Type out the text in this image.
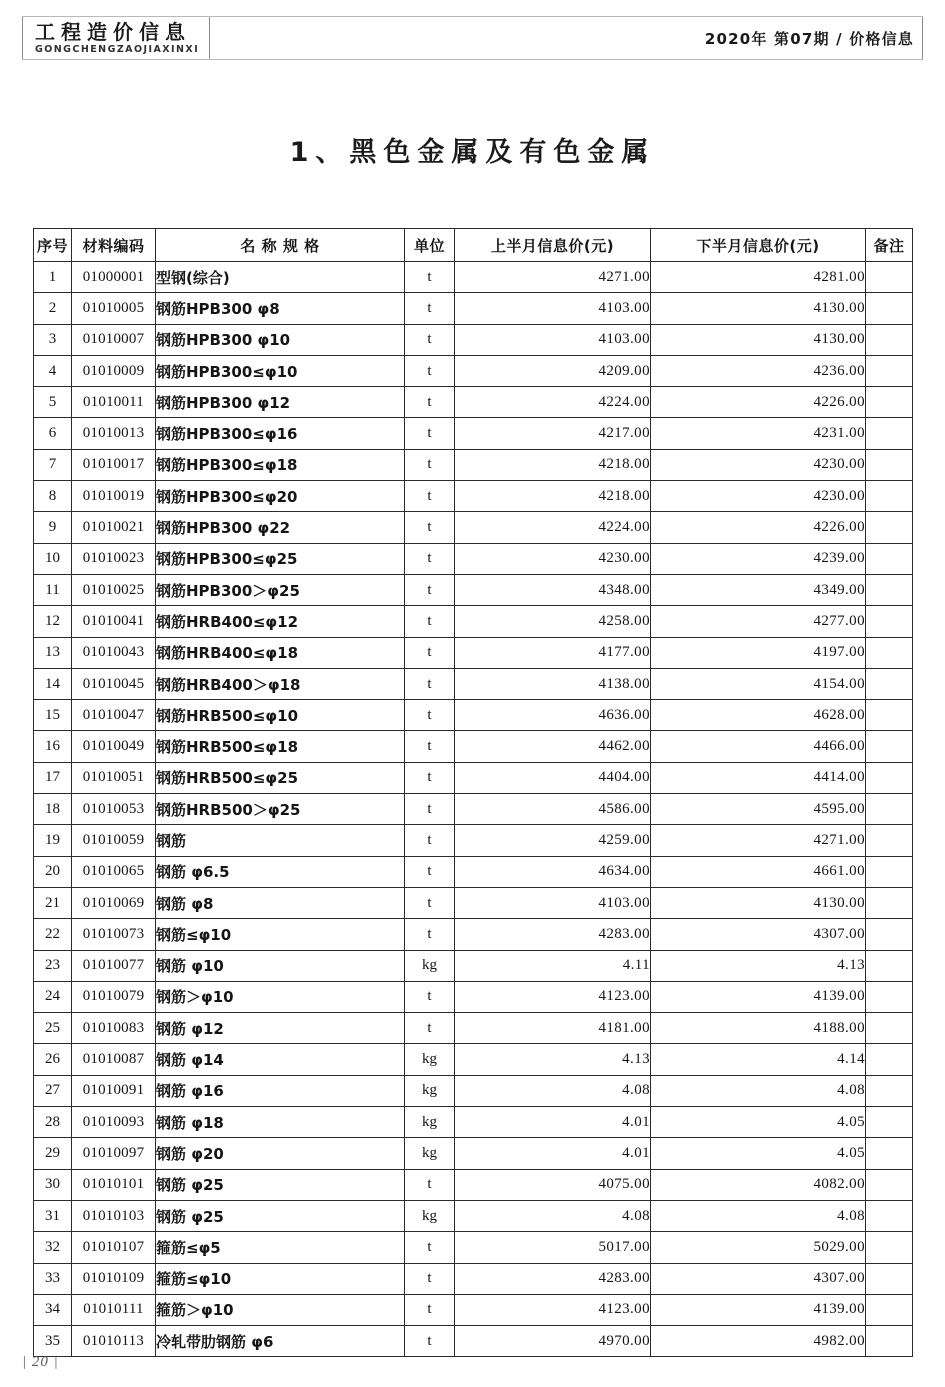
工程造价信息
GONGCHENGZAOJIAXINXI
2020年 第07期 / 价格信息
1、黑色金属及有色金属
序号	材料编码	名 称 规 格	单位	上半月信息价(元)	下半月信息价(元)	备注
1	01000001	型钢(综合)	t	4271.00	4281.00	
2	01010005	钢筋HPB300 φ8	t	4103.00	4130.00	
3	01010007	钢筋HPB300 φ10	t	4103.00	4130.00	
4	01010009	钢筋HPB300≤φ10	t	4209.00	4236.00	
5	01010011	钢筋HPB300 φ12	t	4224.00	4226.00	
6	01010013	钢筋HPB300≤φ16	t	4217.00	4231.00	
7	01010017	钢筋HPB300≤φ18	t	4218.00	4230.00	
8	01010019	钢筋HPB300≤φ20	t	4218.00	4230.00	
9	01010021	钢筋HPB300 φ22	t	4224.00	4226.00	
10	01010023	钢筋HPB300≤φ25	t	4230.00	4239.00	
11	01010025	钢筋HPB300＞φ25	t	4348.00	4349.00	
12	01010041	钢筋HRB400≤φ12	t	4258.00	4277.00	
13	01010043	钢筋HRB400≤φ18	t	4177.00	4197.00	
14	01010045	钢筋HRB400＞φ18	t	4138.00	4154.00	
15	01010047	钢筋HRB500≤φ10	t	4636.00	4628.00	
16	01010049	钢筋HRB500≤φ18	t	4462.00	4466.00	
17	01010051	钢筋HRB500≤φ25	t	4404.00	4414.00	
18	01010053	钢筋HRB500＞φ25	t	4586.00	4595.00	
19	01010059	钢筋	t	4259.00	4271.00	
20	01010065	钢筋 φ6.5	t	4634.00	4661.00	
21	01010069	钢筋 φ8	t	4103.00	4130.00	
22	01010073	钢筋≤φ10	t	4283.00	4307.00	
23	01010077	钢筋 φ10	kg	4.11	4.13	
24	01010079	钢筋＞φ10	t	4123.00	4139.00	
25	01010083	钢筋 φ12	t	4181.00	4188.00	
26	01010087	钢筋 φ14	kg	4.13	4.14	
27	01010091	钢筋 φ16	kg	4.08	4.08	
28	01010093	钢筋 φ18	kg	4.01	4.05	
29	01010097	钢筋 φ20	kg	4.01	4.05	
30	01010101	钢筋 φ25	t	4075.00	4082.00	
31	01010103	钢筋 φ25	kg	4.08	4.08	
32	01010107	箍筋≤φ5	t	5017.00	5029.00	
33	01010109	箍筋≤φ10	t	4283.00	4307.00	
34	01010111	箍筋＞φ10	t	4123.00	4139.00	
35	01010113	冷轧带肋钢筋 φ6	t	4970.00	4982.00	
| 20 |
